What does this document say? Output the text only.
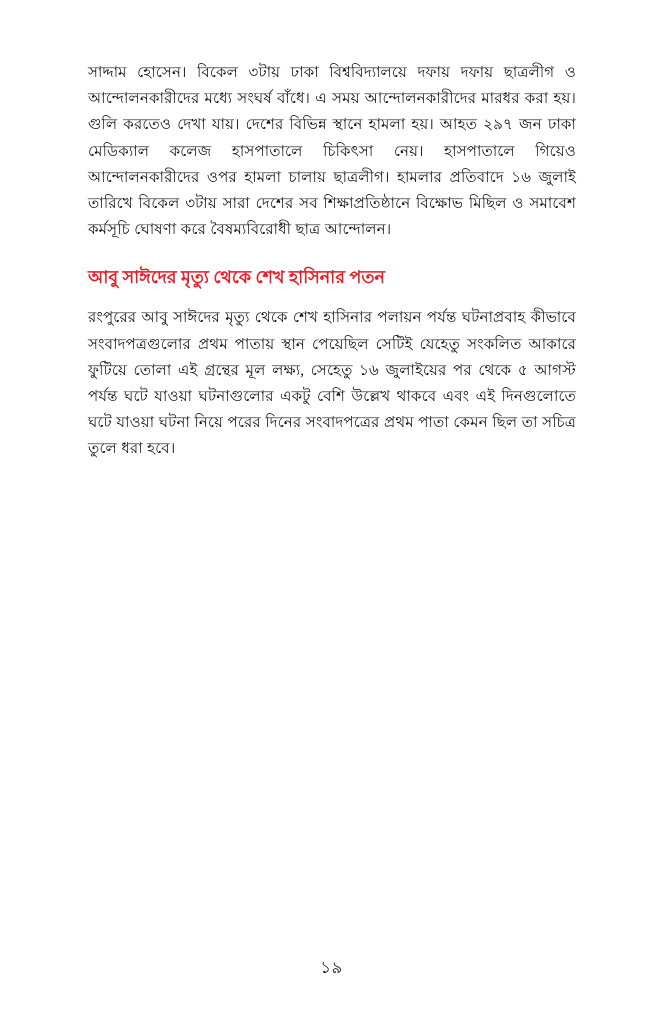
সাদ্দাম হোসেন। বিকেল ৩টায় ঢাকা বিশ্ববিদ্যালয়ে দফায় দফায় ছাত্রলীগ ও আন্দোলনকারীদের মধ্যে সংঘর্ষ বাঁধে। এ সময় আন্দোলনকারীদের মারধর করা হয়। গুলি করতেও দেখা যায়। দেশের বিভিন্ন স্থানে হামলা হয়। আহত ২৯৭ জন ঢাকা মেডিক্যাল কলেজ হাসপাতালে চিকিৎসা নেয়। হাসপাতালে গিয়েও আন্দোলনকারীদের ওপর হামলা চালায় ছাত্রলীগ। হামলার প্রতিবাদে ১৬ জুলাই তারিখে বিকেল ৩টায় সারা দেশের সব শিক্ষাপ্রতিষ্ঠানে বিক্ষোভ মিছিল ও সমাবেশ কর্মসূচি ঘোষণা করে বৈষম্যবিরোধী ছাত্র আন্দোলন।

আবু সাঈদের মৃত্যু থেকে শেখ হাসিনার পতন

রংপুরের আবু সাঈদের মৃত্যু থেকে শেখ হাসিনার পলায়ন পর্যন্ত ঘটনাপ্রবাহ কীভাবে সংবাদপত্রগুলোর প্রথম পাতায় স্থান পেয়েছিল সেটিই যেহেতু সংকলিত আকারে ফুটিয়ে তোলা এই গ্রন্থের মূল লক্ষ্য, সেহেতু ১৬ জুলাইয়ের পর থেকে ৫ আগস্ট পর্যন্ত ঘটে যাওয়া ঘটনাগুলোর একটু বেশি উল্লেখ থাকবে এবং এই দিনগুলোতে ঘটে যাওয়া ঘটনা নিয়ে পরের দিনের সংবাদপত্রের প্রথম পাতা কেমন ছিল তা সচিত্র তুলে ধরা হবে।

১৯
